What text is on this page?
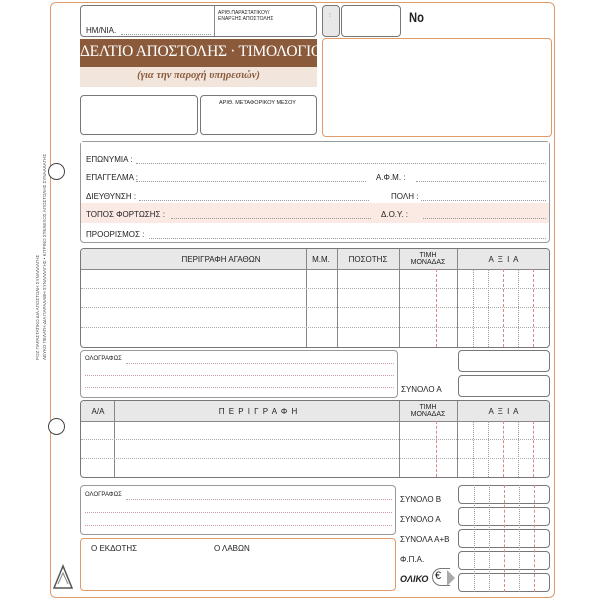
ΡΟΖ ΠΑΡΑΣΤΑΤΙΚΟ ΔΙΑ ΑΠΟΣΤΟΛΗ ΣΥΝΑΛΛΑΓΗΣ ΛΕΥΚΟ ΠΕΛΑΤΗ·ΔΙΑ ΠΑΡΑΛΑΒΗ·ΣΥΝΑΛΛΑΓΗΣ • ΚΙΤΡΙΝΟ ΣΤΕΛΕΧΟΣ ΑΠΟΣΤΟΛΗΣ ΣΥΝΑΛΛΑΓΗΣ
ΗΜ/ΝΙΑ.
ΑΡΙΘ.ΠΑΡΑΣΤΑΤΙΚΟΥ/ΕΝΑΡΞΗΣ ΑΠΟΣΤΟΛΗΣ
ΔΕΛΤΙΟ ΑΠΟΣΤΟΛΗΣ · ΤΙΜΟΛΟΓΙΟ
(για την παροχή υπηρεσιών)
ΑΡΙΘ. ΜΕΤΑΦΟΡΙΚΟΥ ΜΕΣΟΥ
⋮	No
ΕΠΩΝΥΜΙΑ :
ΕΠΑΓΓΕΛΜΑ :	Α.Φ.Μ. :
ΔΙΕΥΘΥΝΣΗ :	ΠΟΛΗ :
ΤΟΠΟΣ ΦΟΡΤΩΣΗΣ :	Δ.Ο.Υ. :
ΠΡΟΟΡΙΣΜΟΣ :
ΠΕΡΙΓΡΑΦΗ ΑΓΑΘΩΝ	Μ.Μ.	ΠΟΣΟΤΗΣ	ΤΙΜΗ ΜΟΝΑΔΑΣ	Α Ξ Ι Α
ΟΛΟΓΡΑΦΩΣ
ΣΥΝΟΛΟ Α
Α/Α	Π Ε Ρ Ι Γ Ρ Α Φ Η	ΤΙΜΗ ΜΟΝΑΔΑΣ	Α Ξ Ι Α
ΟΛΟΓΡΑΦΩΣ
Ο ΕΚΔΟΤΗΣ	Ο ΛΑΒΩΝ
ΣΥΝΟΛΟ Β
ΣΥΝΟΛΟ Α
ΣΥΝΟΛΑ Α+Β
Φ.Π.Α.
ΟΛΙΚΟ €
